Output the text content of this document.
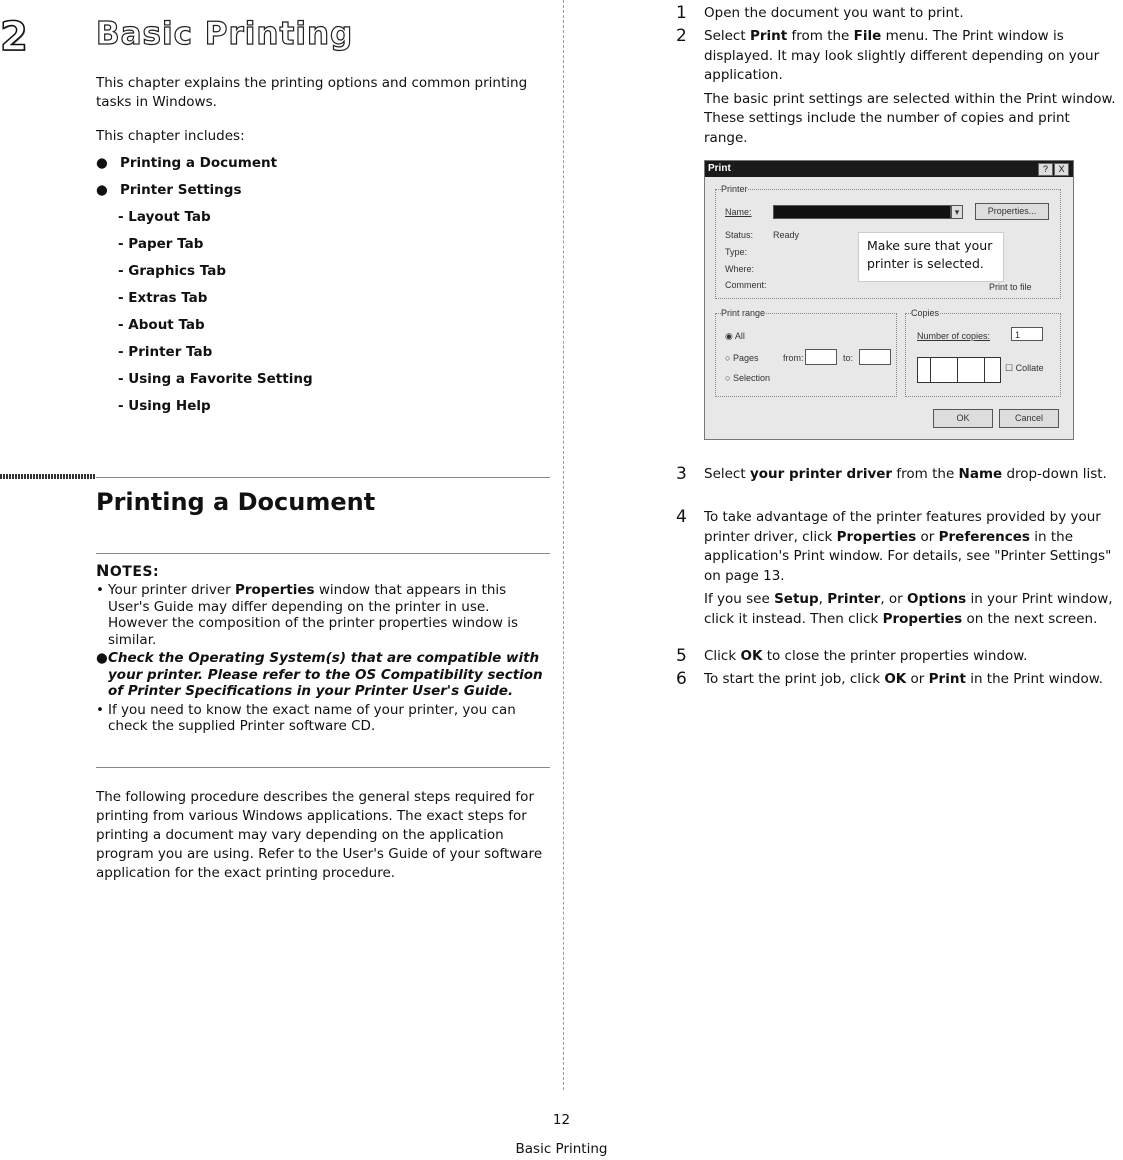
2 Basic Printing
This chapter explains the printing options and common printing tasks in Windows.
This chapter includes:
● Printing a Document
● Printer Settings
- Layout Tab
- Paper Tab
- Graphics Tab
- Extras Tab
- About Tab
- Printer Tab
- Using a Favorite Setting
- Using Help
Printing a Document
NOTES:
• Your printer driver Properties window that appears in this User's Guide may differ depending on the printer in use. However the composition of the printer properties window is similar.
● Check the Operating System(s) that are compatible with your printer. Please refer to the OS Compatibility section of Printer Specifications in your Printer User's Guide.
• If you need to know the exact name of your printer, you can check the supplied Printer software CD.
The following procedure describes the general steps required for printing from various Windows applications. The exact steps for printing a document may vary depending on the application program you are using. Refer to the User's Guide of your software application for the exact printing procedure.
1 Open the document you want to print.
2 Select Print from the File menu. The Print window is displayed. It may look slightly different depending on your application.
The basic print settings are selected within the Print window. These settings include the number of copies and print range.
Print	?	X
Printer
Name:	▾	Properties...
Status: Ready
Type:
Where:
Comment:	Print to file
Print range
◉ All
○ Pages	from:	to:
○ Selection
Copies
Number of copies:	1
☐ Collate
OK	Cancel
Make sure that your printer is selected.
3 Select your printer driver from the Name drop-down list.
4 To take advantage of the printer features provided by your printer driver, click Properties or Preferences in the application's Print window. For details, see "Printer Settings" on page 13.
If you see Setup, Printer, or Options in your Print window, click it instead. Then click Properties on the next screen.
5 Click OK to close the printer properties window.
6 To start the print job, click OK or Print in the Print window.
12
Basic Printing
